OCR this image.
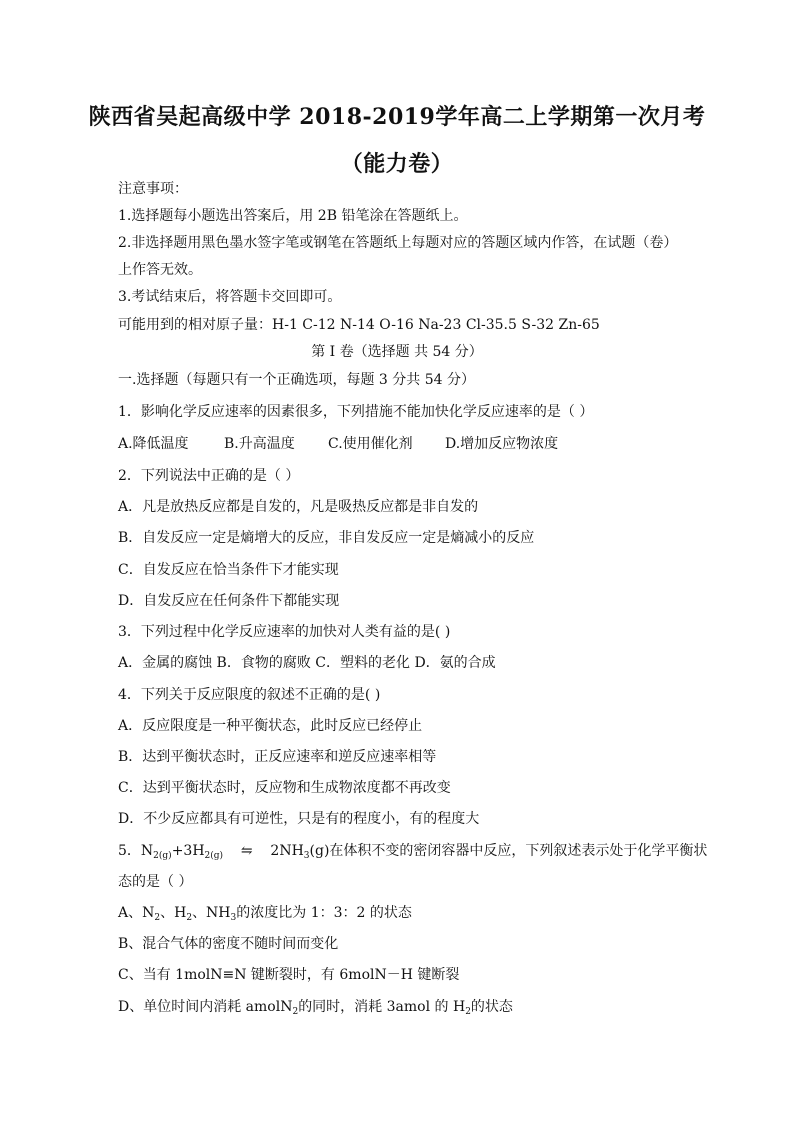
陕西省吴起高级中学 2018-2019学年高二上学期第一次月考
（能力卷）
注意事项：
1.选择题每小题选出答案后，用 2B 铅笔涂在答题纸上。
2.非选择题用黑色墨水签字笔或钢笔在答题纸上每题对应的答题区域内作答，在试题（卷）
上作答无效。
3.考试结束后，将答题卡交回即可。
可能用到的相对原子量：H-1 C-12 N-14 O-16 Na-23 Cl-35.5 S-32 Zn-65
第 I 卷（选择题 共 54 分）
一.选择题（每题只有一个正确选项，每题 3 分共 54 分）
1．影响化学反应速率的因素很多，下列措施不能加快化学反应速率的是（ ）
A.降低温度	B.升高温度 C.使用催化剂 D.增加反应物浓度
2．下列说法中正确的是（ ）
A．凡是放热反应都是自发的，凡是吸热反应都是非自发的
B．自发反应一定是熵增大的反应，非自发反应一定是熵减小的反应
C．自发反应在恰当条件下才能实现
D．自发反应在任何条件下都能实现
3．下列过程中化学反应速率的加快对人类有益的是( )
A．金属的腐蚀 B．食物的腐败 C．塑料的老化 D．氨的合成
4．下列关于反应限度的叙述不正确的是( )
A．反应限度是一种平衡状态，此时反应已经停止
B．达到平衡状态时，正反应速率和逆反应速率相等
C．达到平衡状态时，反应物和生成物浓度都不再改变
D．不少反应都具有可逆性，只是有的程度小，有的程度大
5．$N_{2(g)}+3H_{2(g)}$    ⇋    $2NH_3(g)$在体积不变的密闭容器中反应，下列叙述表示处于化学平衡状
态的是（ ）
A、$N_2$、$H_2$、$NH_3$的浓度比为 1：3：2 的状态
B、混合气体的密度不随时间而变化
C、当有 1molN≡N 键断裂时，有 6molN－H 键断裂
D、单位时间内消耗 amolN$_2$的同时，消耗 3amol 的 $H_2$的状态
